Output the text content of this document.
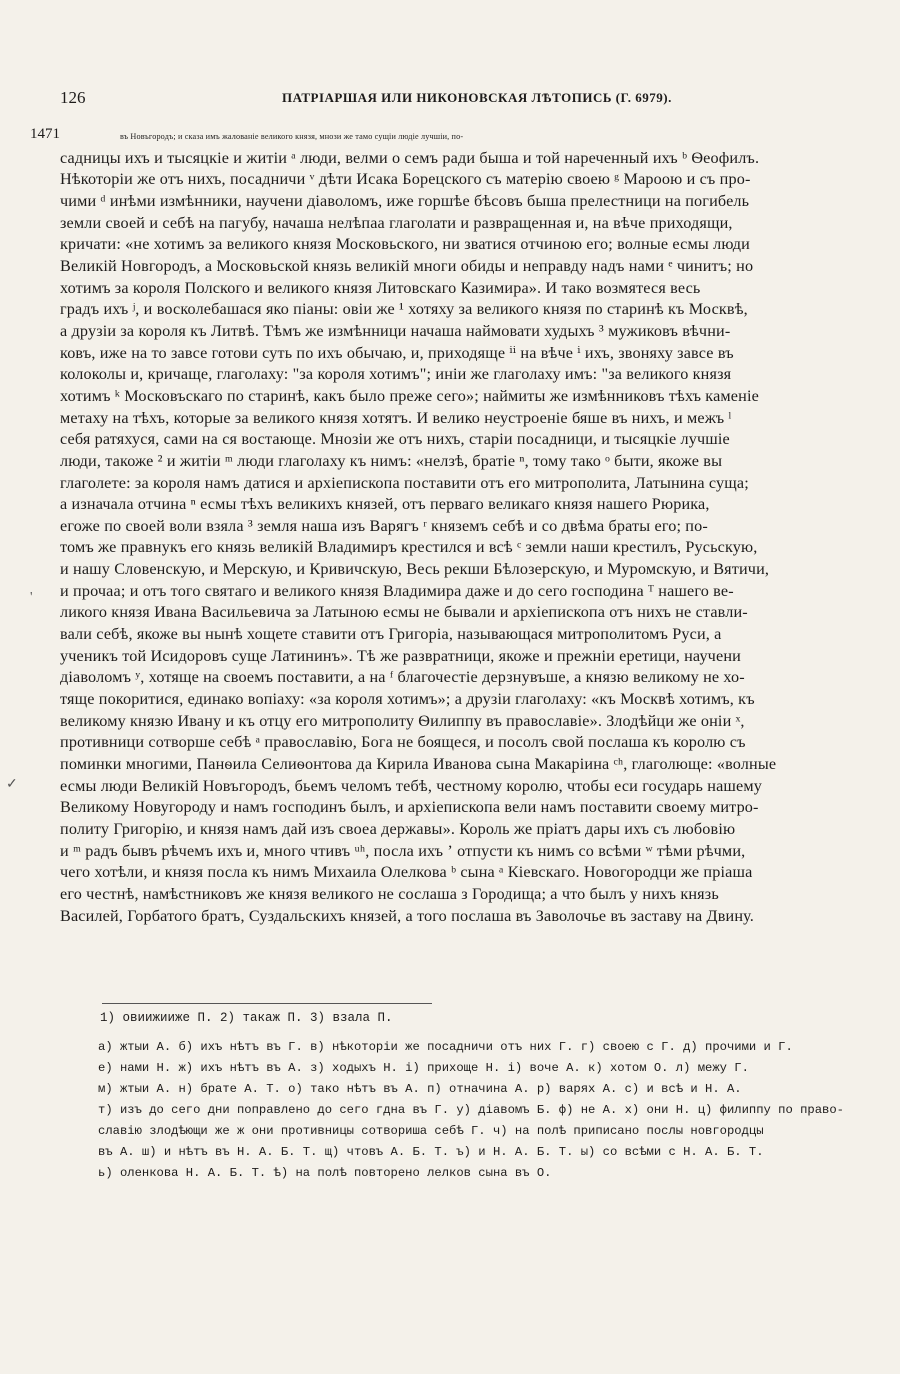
126	ПАТРІАРШАЯ ИЛИ НИКОНОВСКАЯ ЛѢТОПИСЬ (Г. 6979).
1471	въ Новъгородъ; и сказа имъ жалованіе великого князя, мнози же тамо сущіи людіе лучшіи, по-
садницы ихъ и тысяцкіе и житіи ᵃ люди, велми о семъ ради быша и той нареченный ихъ ᵇ Ѳеофилъ.
Нѣкоторіи же отъ нихъ, посадничи ᵛ дѣти Исака Борецского съ матерію своею ᵍ Мароою и съ про-
чими ᵈ инѣми измѣнники, научени діаволомъ, иже горшѣе бѣсовъ быша прелестници на погибель
земли своей и себѣ на пагубу, начаша нелѣпаа глаголати и развращенная и, на вѣче приходящи,
кричати: «не хотимъ за великого князя Московьского, ни зватися отчиною его; волные есмы люди
Великій Новгородъ, а Московьской князь великій многи обиды и неправду надъ нами ᵉ чинитъ; но
хотимъ за короля Полского и великого князя Литовскаго Казимира». И тако возмятеся весь
градъ ихъ ʲ, и восколебашася яко піаны: овіи же ¹ хотяху за великого князя по старинѣ къ Москвѣ,
а друзіи за короля къ Литвѣ. Тѣмъ же измѣнници начаша наймовати худыхъ ³ мужиковъ вѣчни-
ковъ, иже на то завсе готови суть по ихъ обычаю, и, приходяще ⁱⁱ на вѣче ⁱ ихъ, звоняху завсе въ
колоколы и, кричаще, глаголаху: "за короля хотимъ"; иніи же глаголаху имъ: "за великого князя
хотимъ ᵏ Московъскаго по старинѣ, какъ было преже сего»; наймиты же измѣнниковъ тѣхъ каменіе
метаху на тѣхъ, которые за великого князя хотятъ. И велико неустроеніе бяше въ нихъ, и межъ ˡ
себя ратяхуся, сами на ся востающе. Мнозіи же отъ нихъ, старіи посадници, и тысяцкіе лучшіе
люди, такоже ² и житіи ᵐ люди глаголаху къ нимъ: «нелзѣ, братіе ⁿ, тому тако ᵒ быти, якоже вы
глаголете: за короля намъ датися и архіепископа поставити отъ его митрополита, Латынина суща;
а изначала отчина ⁿ есмы тѣхъ великихъ князей, отъ перваго великаго князя нашего Рюрика,
егоже по своей воли взяла ³ земля наша изъ Варягъ ʳ княземъ себѣ и со двѣма браты его; по-
томъ же правнукъ его князь великій Владимиръ крестился и всѣ ᶜ земли наши крестилъ, Русьскую,
и нашу Словенскую, и Мерскую, и Кривичскую, Весь рекши Бѣлозерскую, и Муромскую, и Вятичи,
и прочаа; и отъ того святаго и великого князя Владимира даже и до сего господина ᵀ нашего ве-
ликого князя Ивана Васильевича за Латыною есмы не бывали и архіепископа отъ нихъ не ставли-
вали себѣ, якоже вы нынѣ хощете ставити отъ Григоріа, называющася митрополитомъ Руси, а
ученикъ той Исидоровъ суще Латининъ». Тѣ же развратници, якоже и прежніи еретици, научени
діаволомъ ʸ, хотяще на своемъ поставити, а на ᶠ благочестіе дерзнувъше, а князю великому не хо-
тяще покоритися, единако вопіаху: «за короля хотимъ»; а друзіи глаголаху: «къ Москвѣ хотимъ, къ
великому князю Ивану и къ отцу его митрополиту Ѳилиппу въ православіе». Злодѣйци же оніи ˣ,
противници сотворше себѣ ᵃ православію, Бога не боящеся, и посолъ свой послаша къ королю съ
поминки многими, Панѳила Селиѳонтова да Кирила Иванова сына Макаріина ᶜʰ, глаголюще: «волные
есмы люди Великій Новъгородъ, бьемъ челомъ тебѣ, честному королю, чтобы еси государь нашему
Великому Новугороду и намъ господинъ былъ, и архіепископа вели намъ поставити своему митро-
политу Григорію, и князя намъ дай изъ своеа державы». Король же пріатъ дары ихъ съ любовію
и ᵐ радъ бывъ рѣчемъ ихъ и, много чтивъ ᵘʰ, посла ихъ ʼ отпусти къ нимъ со всѣми ʷ тѣми рѣчми,
чего хотѣли, и князя посла къ нимъ Михаила Олелкова ᵇ сына ᵃ Кіевскаго. Новогородци же пріаша
его честнѣ, намѣстниковъ же князя великого не сослаша з Городища; а что былъ у нихъ князь
Василей, Горбатого братъ, Суздальскихъ князей, а того послаша въ Заволочье въ заставу на Двину.
'
✓
1) овиижииже П. 2) такаж П. 3) взала П.
а) жтыи А. б) ихъ нѣтъ въ Г. в) нѣкоторіи же посадничи отъ них Г. г) своею с Г. д) прочими и Г.
е) нами Н. ж) ихъ нѣтъ въ А. з) ходыхъ Н. і) прихоще Н. і) воче А. к) хотом О. л) межу Г.
м) жтыи А. н) брате А. Т. о) тако нѣтъ въ А. п) отначина А. р) варях А. с) и всѣ и Н. А.
т) изъ до сего дни поправлено до сего гдна въ Г. у) діавомъ Б. ф) не А. х) они Н. ц) филиппу по право-
славію злодѣющи же ж они противницы сотвориша себѣ Г. ч) на полѣ приписано послы новгородцы
въ А. ш) и нѣтъ въ Н. А. Б. Т. щ) чтовъ А. Б. Т. ъ) и Н. А. Б. Т. ы) со всѣми с Н. А. Б. Т.
ь) оленкова Н. А. Б. Т. ѣ) на полѣ повторено лелков сына въ О.
